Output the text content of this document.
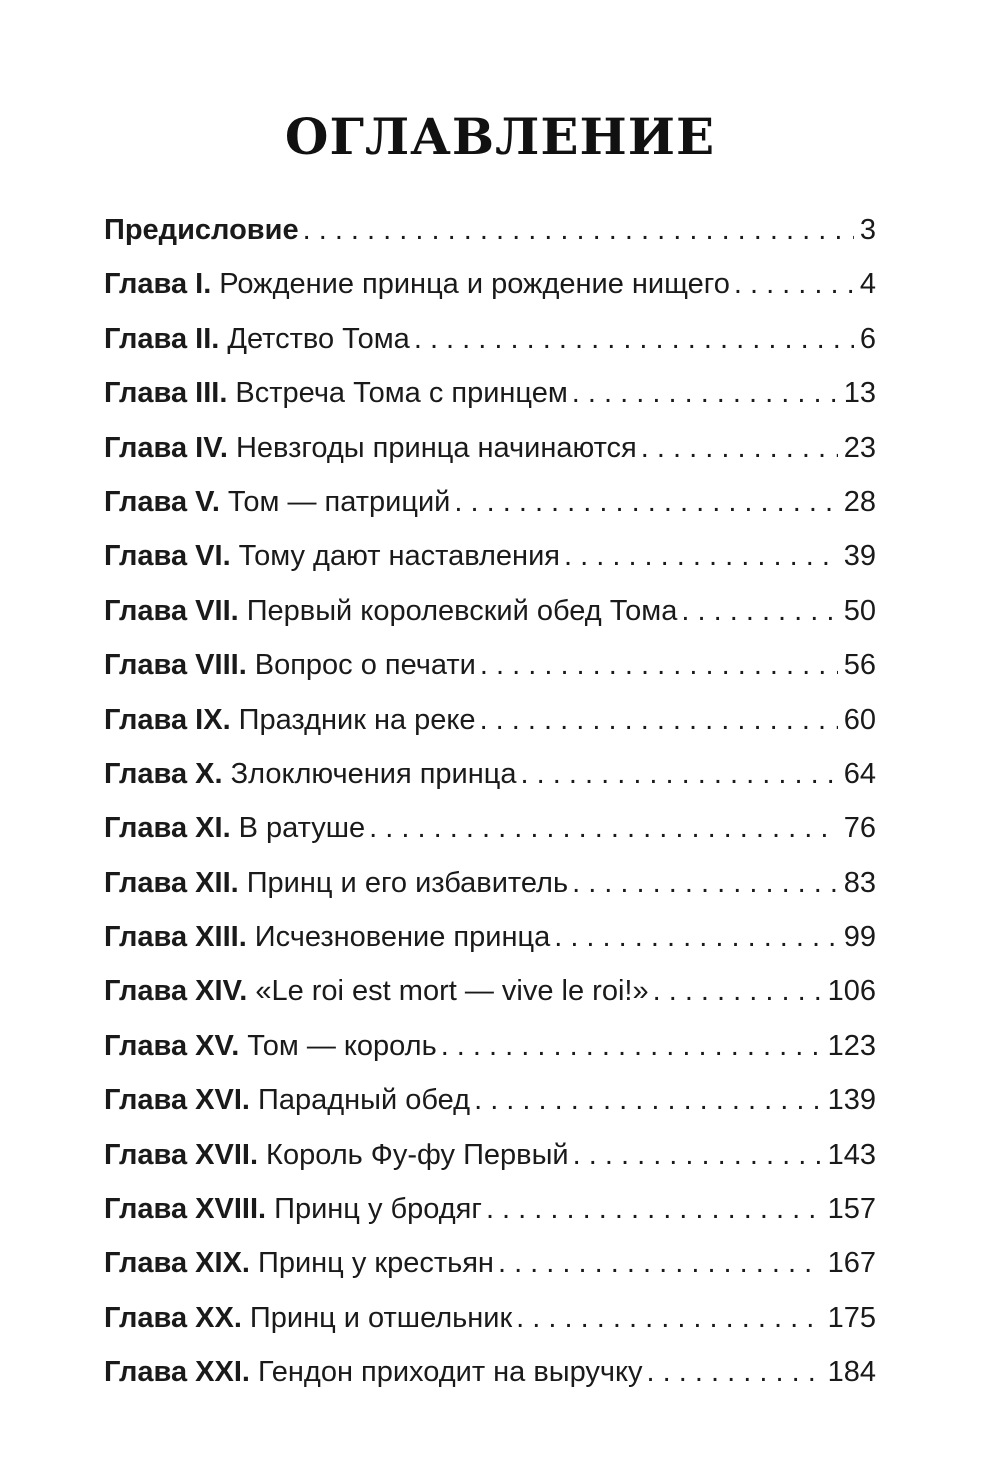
ОГЛАВЛЕНИЕ
Предисловие . . .	3
Глава I. Рождение принца и рождение нищего . . .	4
Глава II. Детство Тома . . .	6
Глава III. Встреча Тома с принцем . . .	13
Глава IV. Невзгоды принца начинаются . . .	23
Глава V. Том — патриций . . .	28
Глава VI. Тому дают наставления . . .	39
Глава VII. Первый королевский обед Тома . . .	50
Глава VIII. Вопрос о печати . . .	56
Глава IX. Праздник на реке . . .	60
Глава X. Злоключения принца . . .	64
Глава XI. В ратуше . . .	76
Глава XII. Принц и его избавитель . . .	83
Глава XIII. Исчезновение принца . . .	99
Глава XIV. «Le roi est mort — vive le roi!» . . .	106
Глава XV. Том — король . . .	123
Глава XVI. Парадный обед . . .	139
Глава XVII. Король Фу-фу Первый . . .	143
Глава XVIII. Принц у бродяг . . .	157
Глава XIX. Принц у крестьян . . .	167
Глава XX. Принц и отшельник . . .	175
Глава XXI. Гендон приходит на выручку . . .	184
